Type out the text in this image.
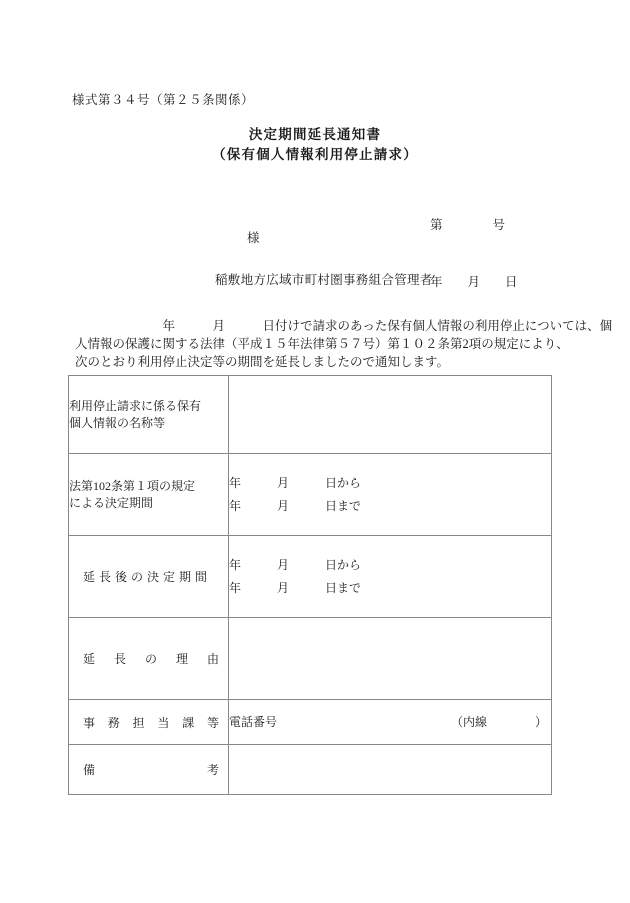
様式第３４号（第２５条関係）
決定期間延長通知書
（保有個人情報利用停止請求）

第　　　　号

年　　月　　日

様
稲敷地方広域市町村圏事務組合管理者
　　　　　　　年　　　月　　　日付けで請求のあった保有個人情報の利用停止については、個
人情報の保護に関する法律（平成１５年法律第５７号）第１０２条第2項の規定により、
次のとおり利用停止決定等の期間を延長しましたので通知します。
利用停止請求に係る保有
個人情報の名称等	

法第102条第１項の規定
による決定期間	年　　　月　　　日から
年　　　月　　　日まで

延長後の決定期間	年　　　月　　　日から
年　　　月　　　日まで

延長の理由	

事務担当課等	電話番号　　　　　　　　　　　　　　　（内線　　　　）

備考	
